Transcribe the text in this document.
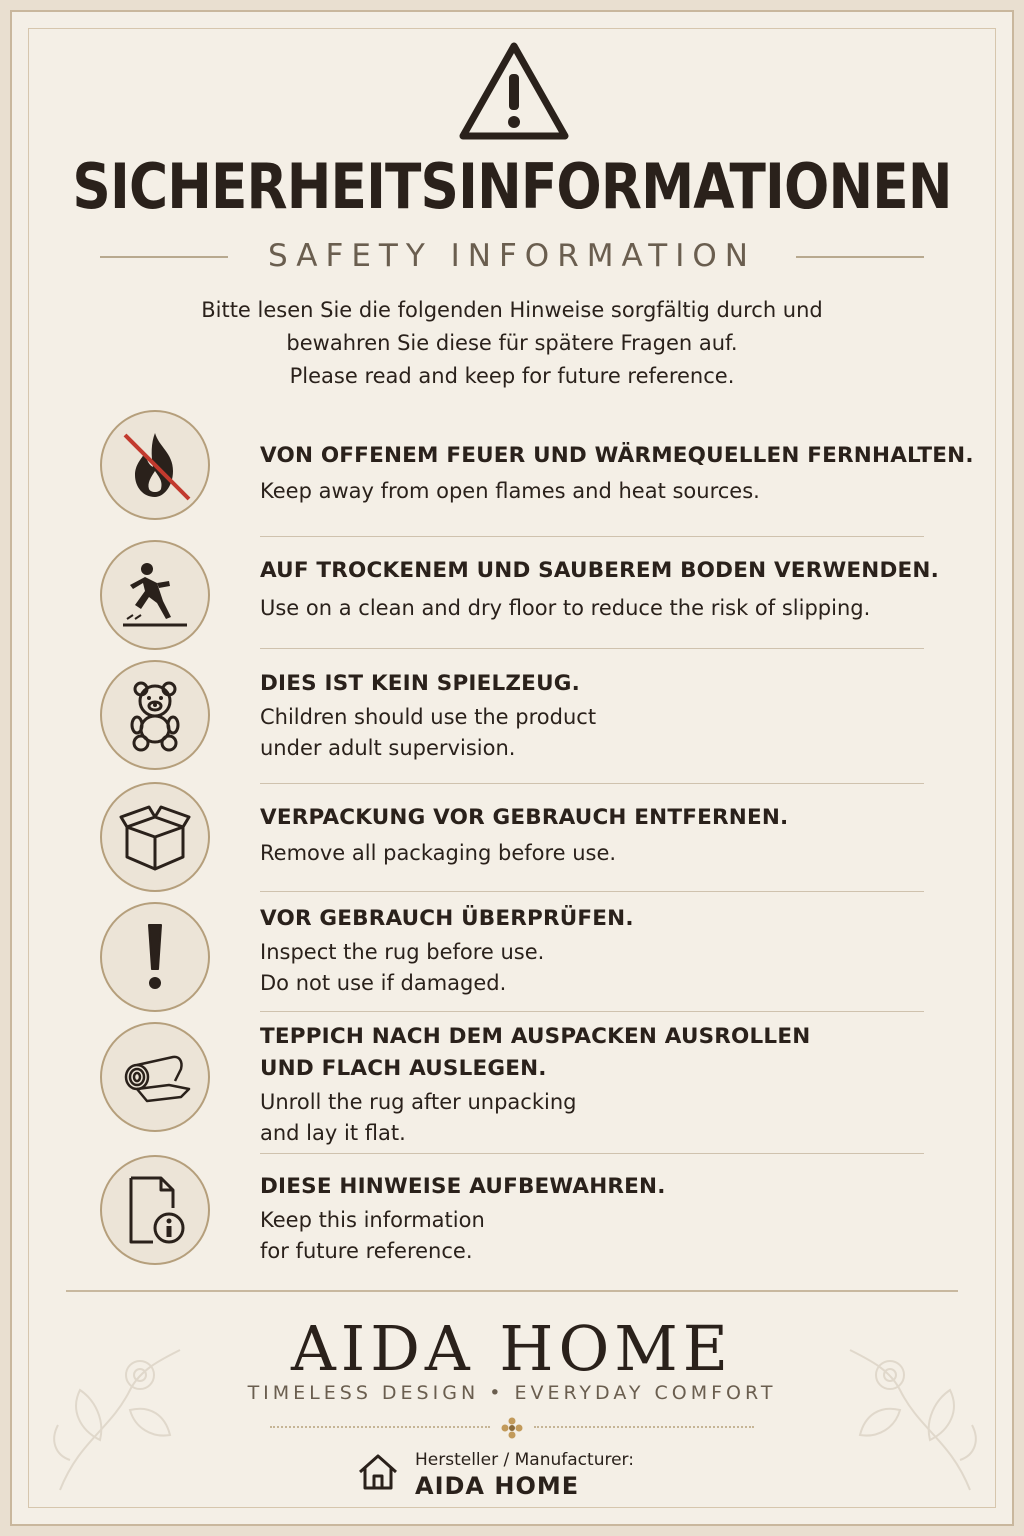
SICHERHEITSINFORMATIONEN
SAFETY INFORMATION
Bitte lesen Sie die folgenden Hinweise sorgfältig durch und
bewahren Sie diese für spätere Fragen auf.
Please read and keep for future reference.
VON OFFENEM FEUER UND WÄRMEQUELLEN FERNHALTEN.
Keep away from open flames and heat sources.
AUF TROCKENEM UND SAUBEREM BODEN VERWENDEN.
Use on a clean and dry floor to reduce the risk of slipping.
DIES IST KEIN SPIELZEUG.
Children should use the product
under adult supervision.
VERPACKUNG VOR GEBRAUCH ENTFERNEN.
Remove all packaging before use.
VOR GEBRAUCH ÜBERPRÜFEN.
Inspect the rug before use.
Do not use if damaged.
TEPPICH NACH DEM AUSPACKEN AUSROLLEN
UND FLACH AUSLEGEN.
Unroll the rug after unpacking
and lay it flat.
DIESE HINWEISE AUFBEWAHREN.
Keep this information
for future reference.
AIDA HOME
TIMELESS DESIGN • EVERYDAY COMFORT
Hersteller / Manufacturer:
AIDA HOME
